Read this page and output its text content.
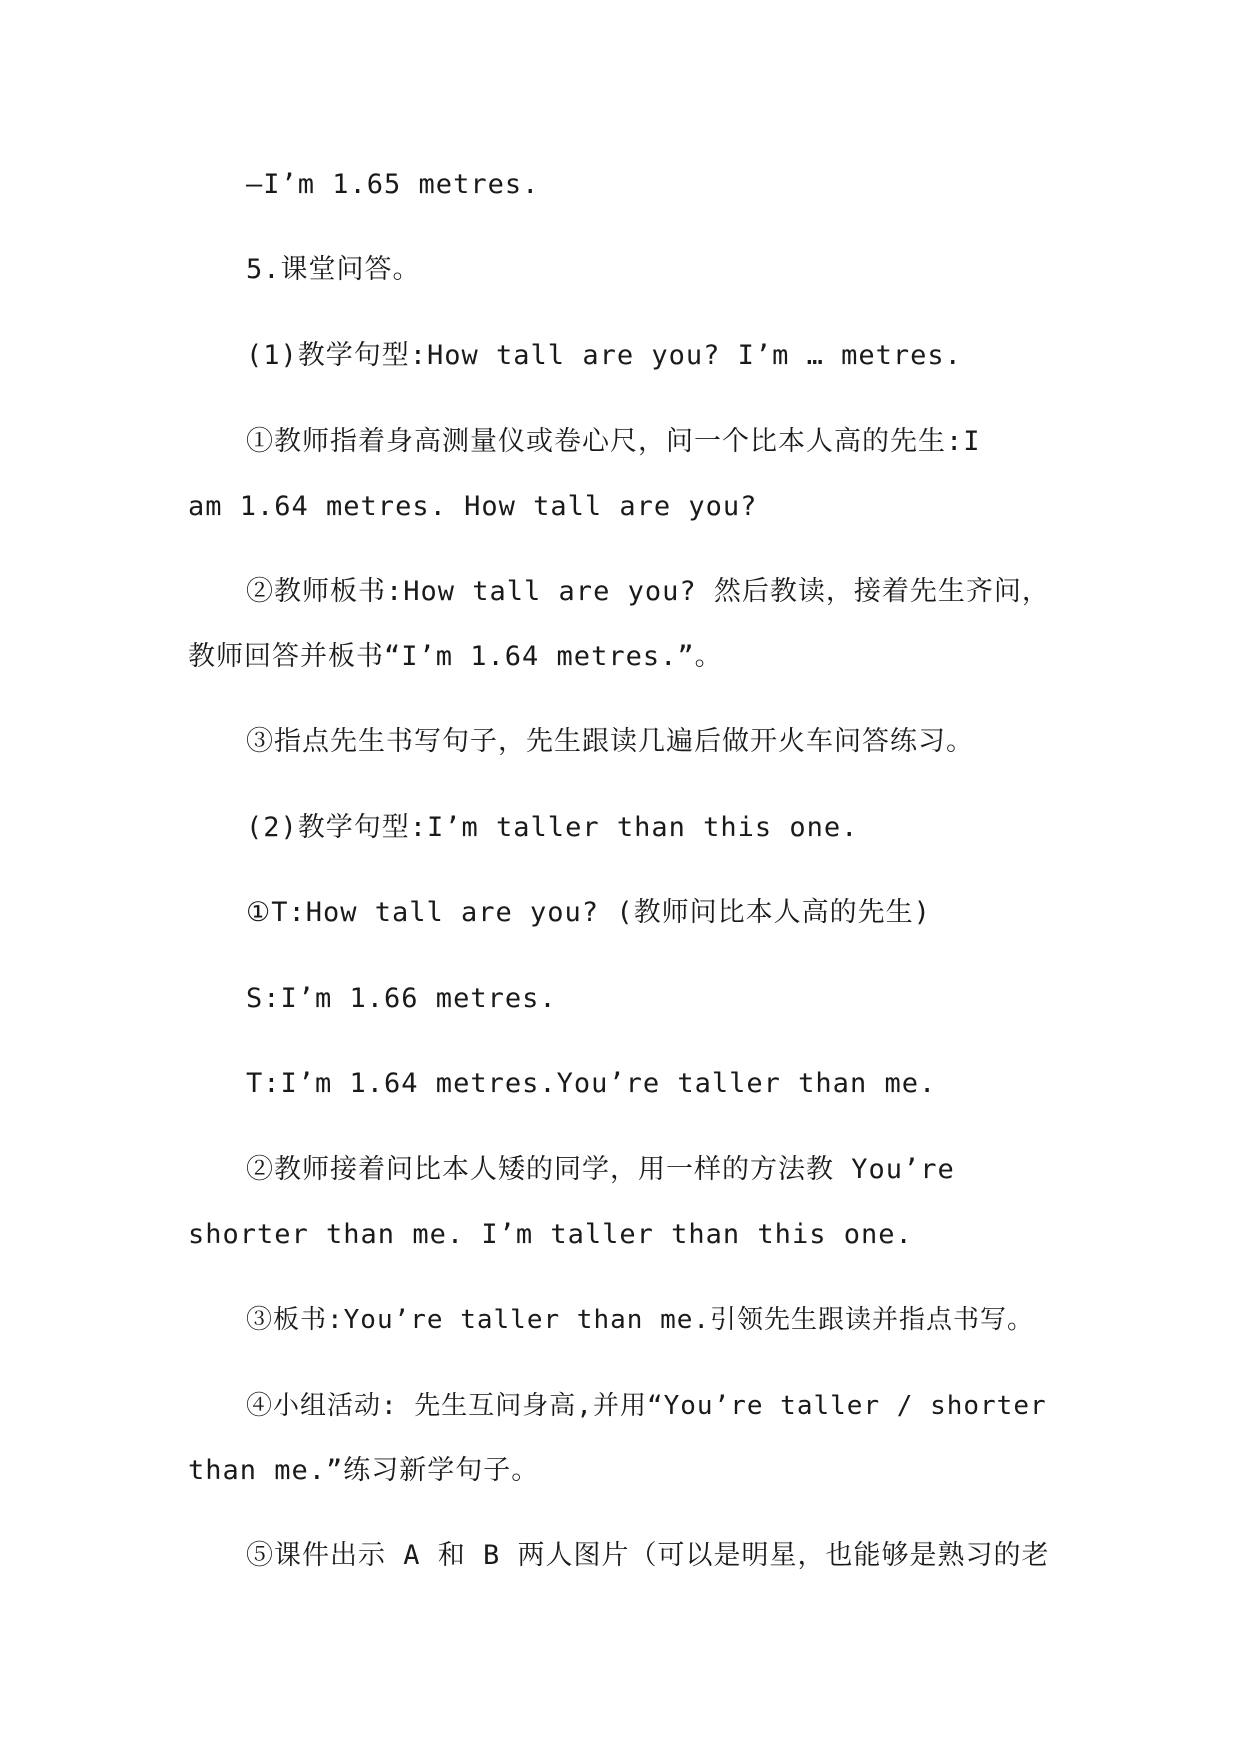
—I’m 1.65 metres.
5.课堂问答。
(1)教学句型:How tall are you? I’m … metres.
①教师指着身高测量仪或卷心尺，问一个比本人高的先生:I
am 1.64 metres. How tall are you?
②教师板书:How tall are you? 然后教读，接着先生齐问，
教师回答并板书“I’m 1.64 metres.”。
③指点先生书写句子，先生跟读几遍后做开火车问答练习。
(2)教学句型:I’m taller than this one.
①T:How tall are you? (教师问比本人高的先生)
S:I’m 1.66 metres.
T:I’m 1.64 metres.You’re taller than me.
②教师接着问比本人矮的同学，用一样的方法教 You’re
shorter than me. I’m taller than this one.
③板书:You’re taller than me.引领先生跟读并指点书写。
④小组活动: 先生互问身高,并用“You’re taller / shorter
than me.”练习新学句子。
⑤课件出示 A 和 B 两人图片（可以是明星，也能够是熟习的老
